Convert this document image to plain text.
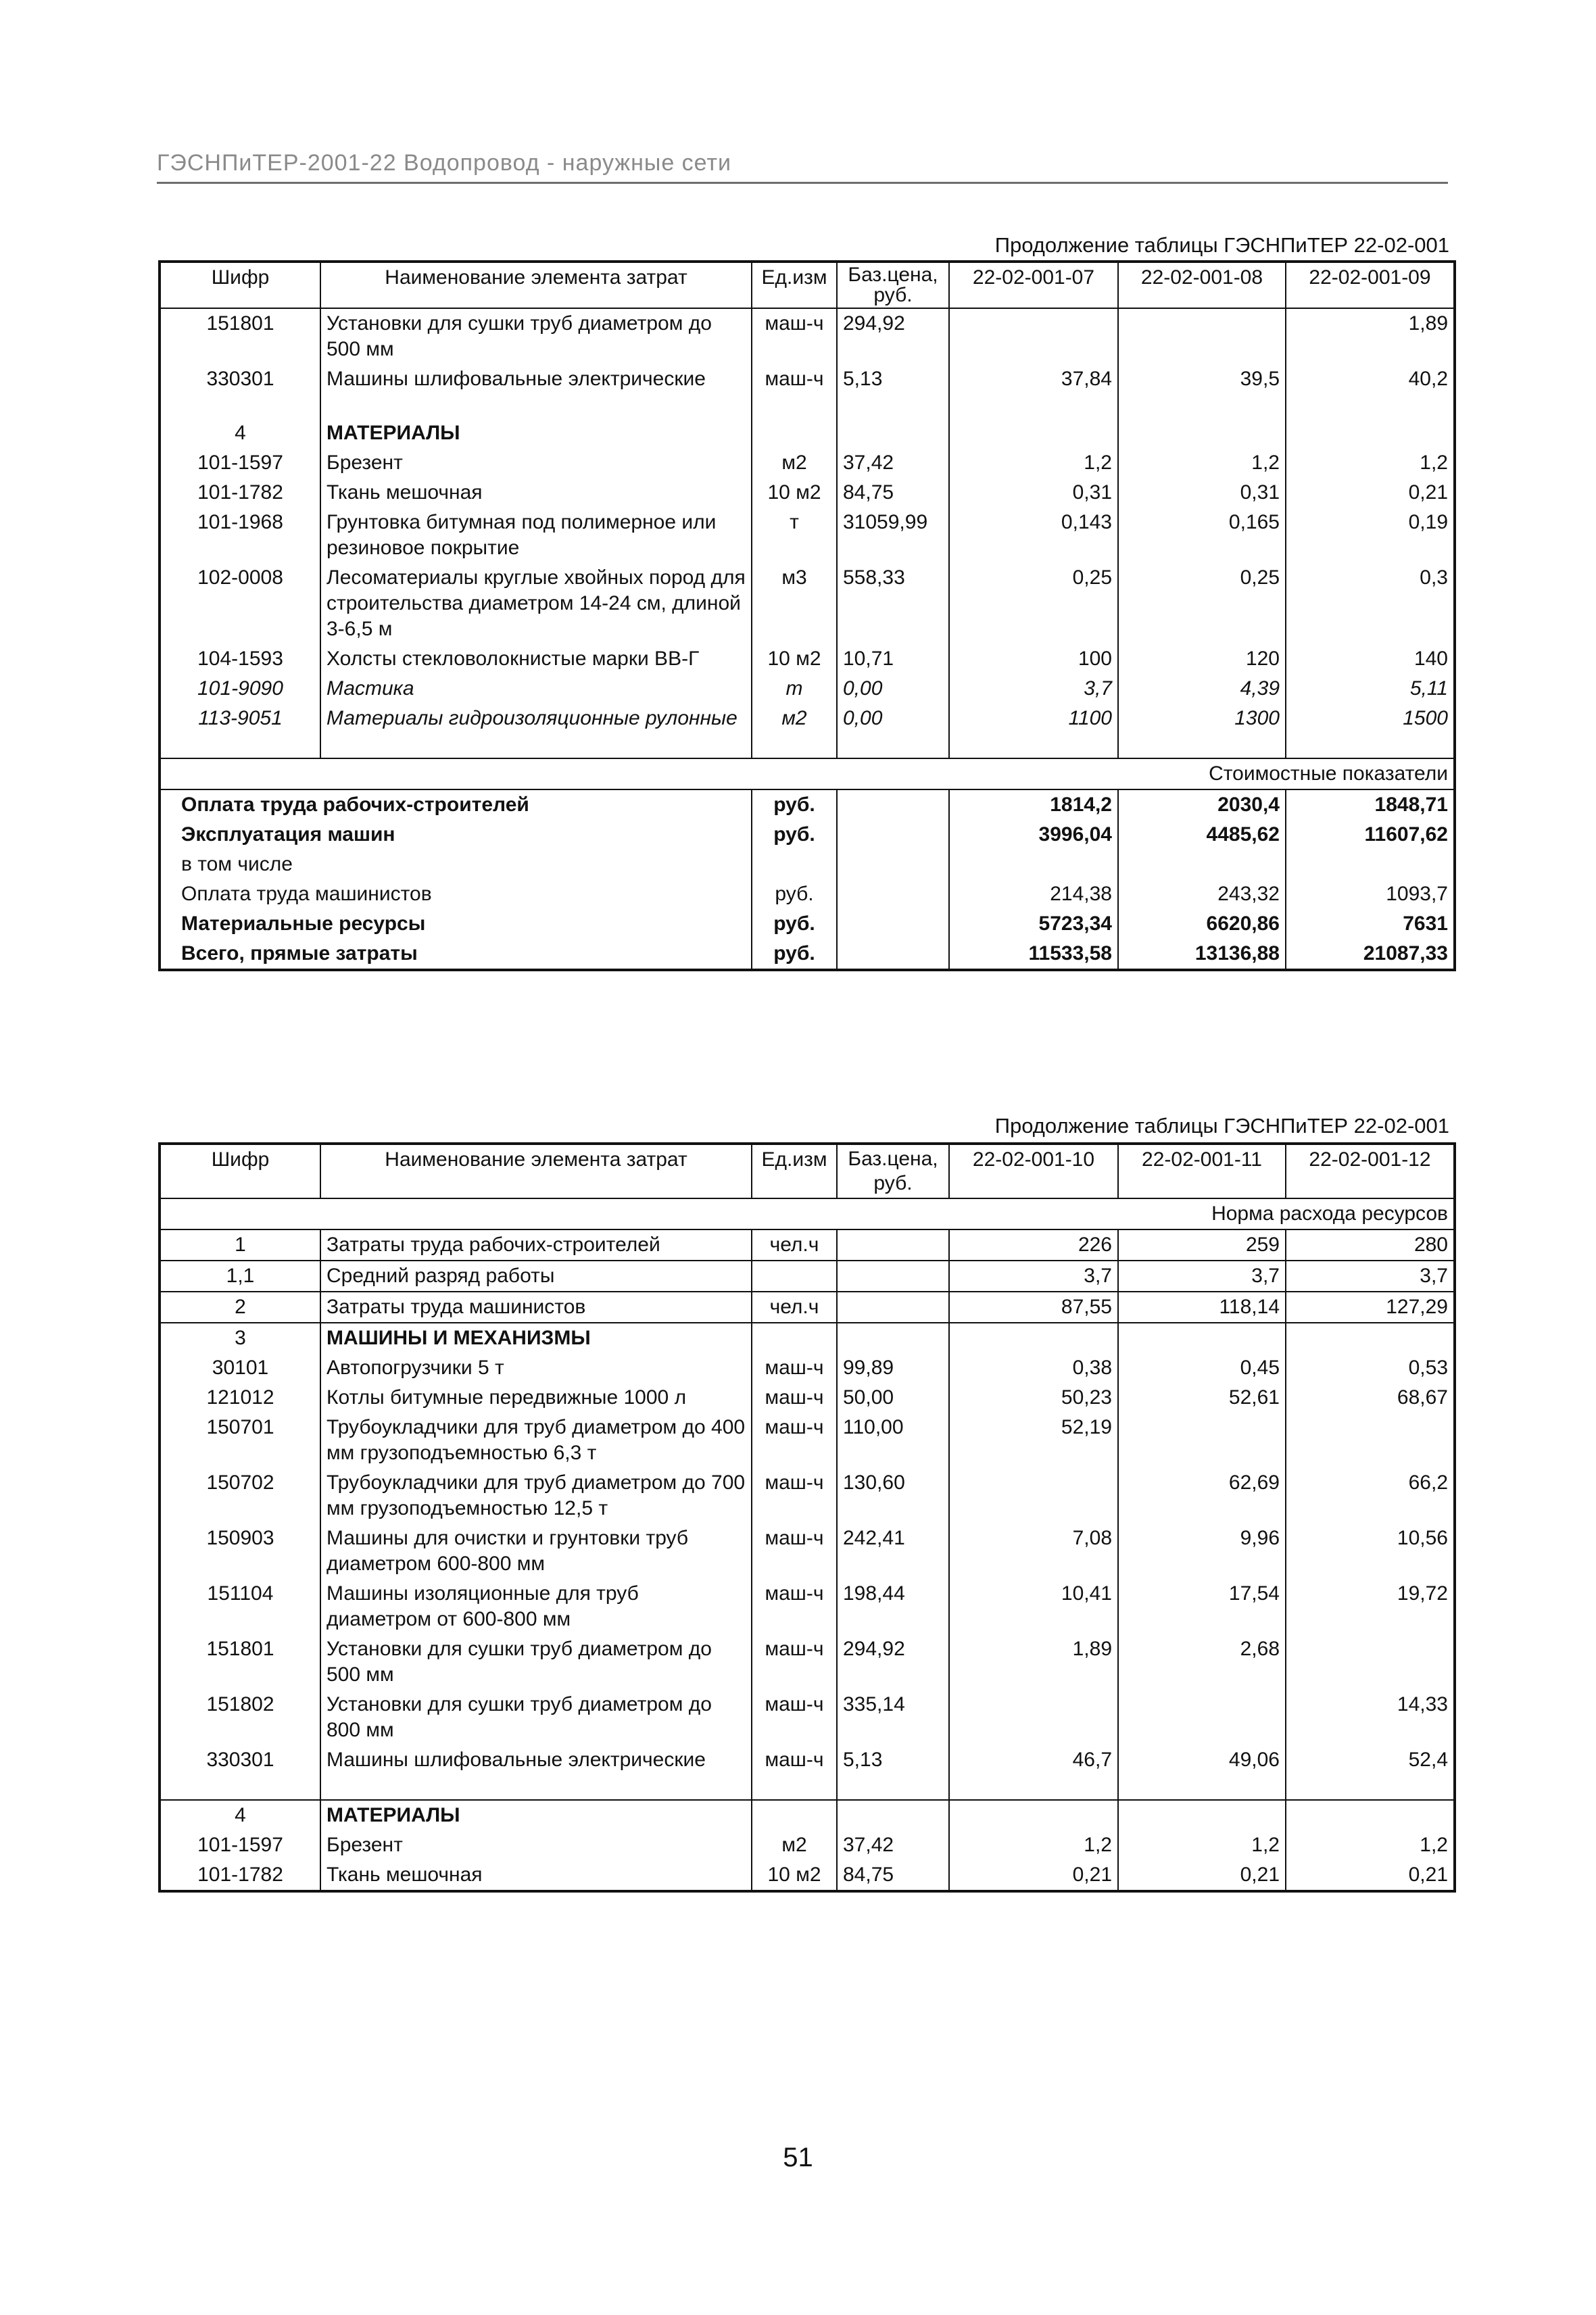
ГЭСНПиТЕР-2001-22 Водопровод - наружные сети
Продолжение таблицы ГЭСНПиТЕР 22-02-001
Шифр	Наименование элемента затрат	Ед.изм	Баз.цена, руб.	22-02-001-07	22-02-001-08	22-02-001-09
151801	Установки для сушки труб диаметром до 500 мм	маш-ч	294,92			1,89
330301	Машины шлифовальные электрические	маш-ч	5,13	37,84	39,5	40,2

4	МАТЕРИАЛЫ					
101-1597	Брезент	м2	37,42	1,2	1,2	1,2
101-1782	Ткань мешочная	10 м2	84,75	0,31	0,31	0,21
101-1968	Грунтовка битумная под полимерное или резиновое покрытие	т	31059,99	0,143	0,165	0,19
102-0008	Лесоматериалы круглые хвойных пород для строительства диаметром 14-24 см, длиной 3-6,5 м	м3	558,33	0,25	0,25	0,3
104-1593	Холсты стекловолокнистые марки ВВ-Г	10 м2	10,71	100	120	140
101-9090	Мастика	т	0,00	3,7	4,39	5,11
113-9051	Материалы гидроизоляционные рулонные	м2	0,00	1100	1300	1500

Стоимостные показатели						
Оплата труда рабочих-строителей		руб.		1814,2	2030,4	1848,71
Эксплуатация машин		руб.		3996,04	4485,62	11607,62
в том числе						
Оплата труда машинистов		руб.		214,38	243,32	1093,7
Материальные ресурсы		руб.		5723,34	6620,86	7631
Всего, прямые затраты		руб.		11533,58	13136,88	21087,33
Продолжение таблицы ГЭСНПиТЕР 22-02-001
Шифр	Наименование элемента затрат	Ед.изм	Баз.цена, руб.	22-02-001-10	22-02-001-11	22-02-001-12
Норма расхода ресурсов						
1	Затраты труда рабочих-строителей	чел.ч		226	259	280
1,1	Средний разряд работы			3,7	3,7	3,7
2	Затраты труда машинистов	чел.ч		87,55	118,14	127,29
3	МАШИНЫ И МЕХАНИЗМЫ					
30101	Автопогрузчики 5 т	маш-ч	99,89	0,38	0,45	0,53
121012	Котлы битумные передвижные 1000 л	маш-ч	50,00	50,23	52,61	68,67
150701	Трубоукладчики для труб диаметром до 400 мм грузоподъемностью 6,3 т	маш-ч	110,00	52,19		
150702	Трубоукладчики для труб диаметром до 700 мм грузоподъемностью 12,5 т	маш-ч	130,60		62,69	66,2
150903	Машины для очистки и грунтовки труб диаметром 600-800 мм	маш-ч	242,41	7,08	9,96	10,56
151104	Машины изоляционные для труб диаметром от 600-800 мм	маш-ч	198,44	10,41	17,54	19,72
151801	Установки для сушки труб диаметром до 500 мм	маш-ч	294,92	1,89	2,68	
151802	Установки для сушки труб диаметром до 800 мм	маш-ч	335,14			14,33
330301	Машины шлифовальные электрические	маш-ч	5,13	46,7	49,06	52,4

4	МАТЕРИАЛЫ					
101-1597	Брезент	м2	37,42	1,2	1,2	1,2
101-1782	Ткань мешочная	10 м2	84,75	0,21	0,21	0,21
51
